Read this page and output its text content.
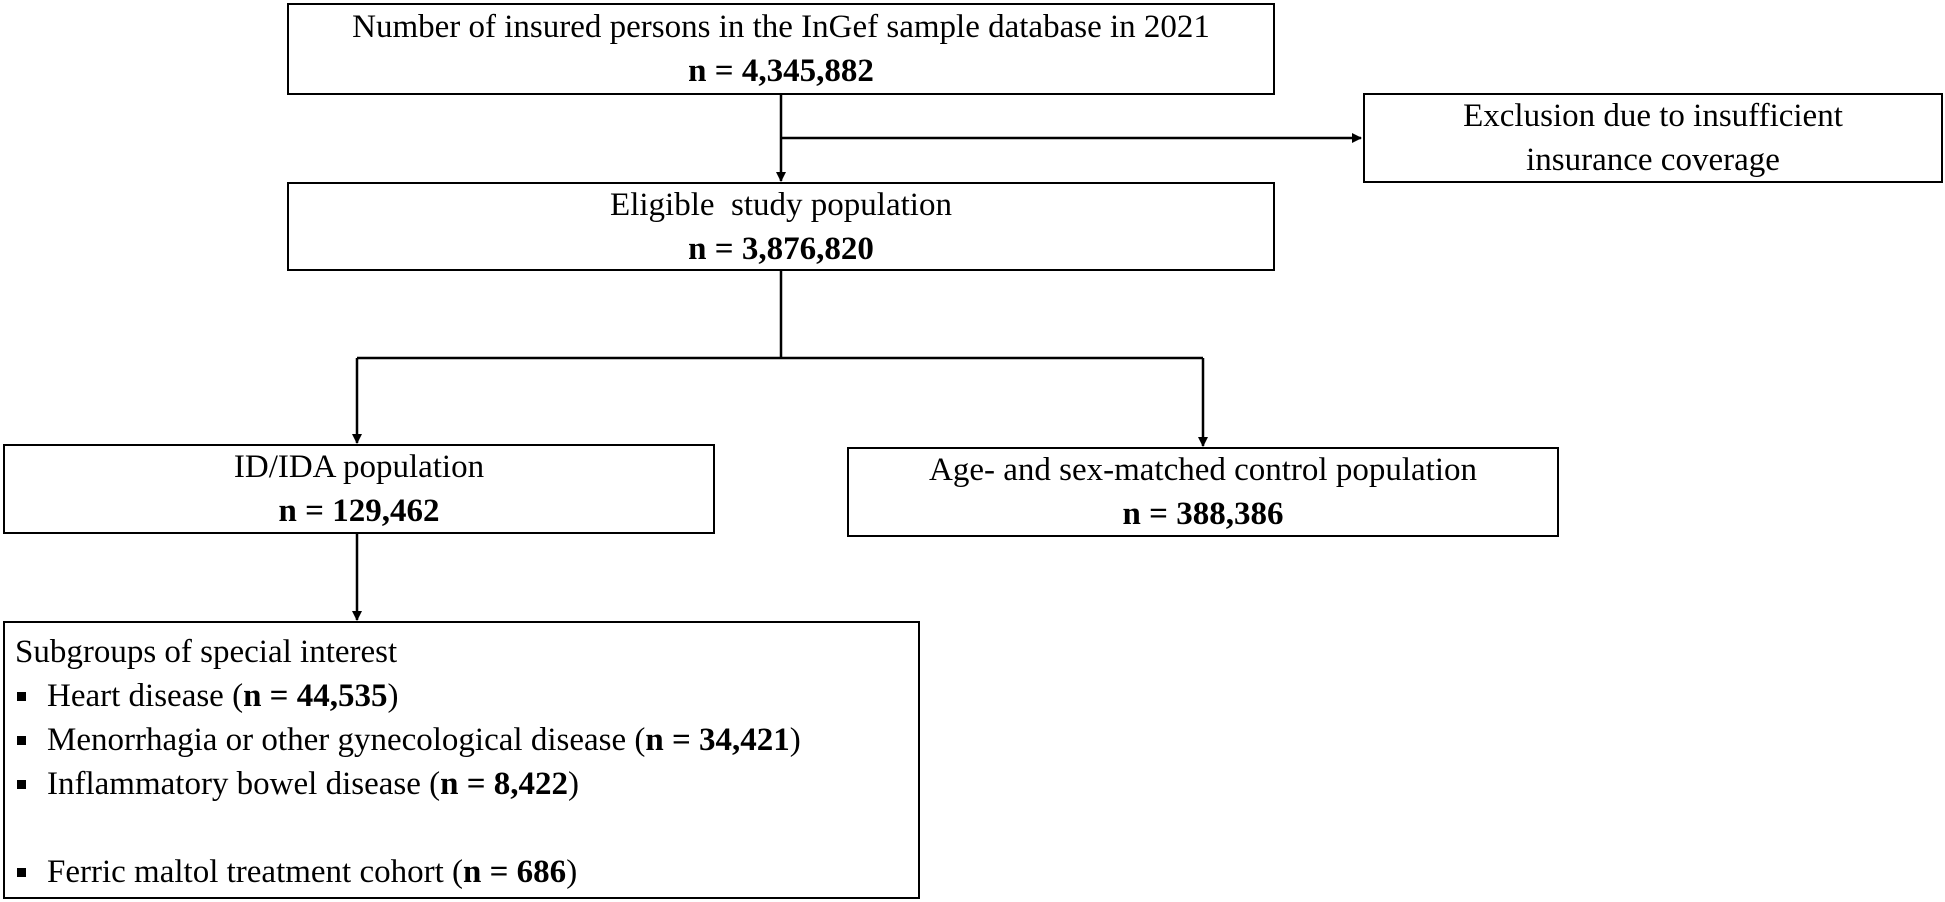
Number of insured persons in the InGef sample database in 2021
n = 4,345,882
Exclusion due to insufficient
insurance coverage
Eligible  study population
n = 3,876,820
ID/IDA population
n = 129,462
Age- and sex-matched control population
n = 388,386
Subgroups of special interest
Heart disease ( n = 44,535 )
Menorrhagia or other gynecological disease ( n = 34,421 )
Inflammatory bowel disease ( n = 8,422 )
Ferric maltol treatment cohort ( n = 686 )
